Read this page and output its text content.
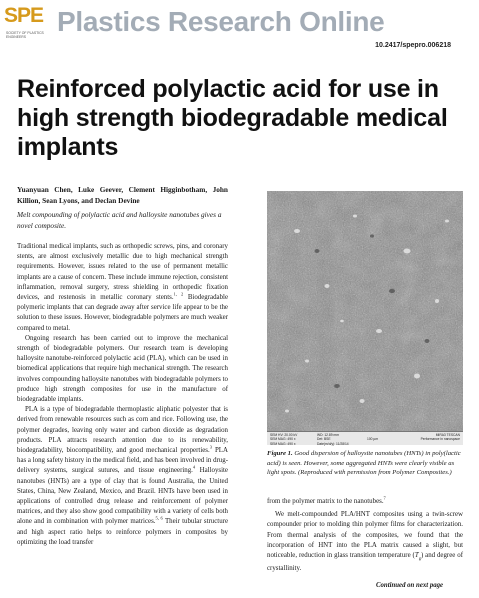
SPE
SOCIETY OF PLASTICS ENGINEERS	Plastics Research Online
10.2417/spepro.006218
Reinforced polylactic acid for use in high strength biodegradable medical implants
Yuanyuan Chen, Luke Geever, Clement Higginbotham, John Killion, Sean Lyons, and Declan Devine
Melt compounding of polylactic acid and halloysite nanotubes gives a novel composite.

Traditional medical implants, such as orthopedic screws, pins, and coronary stents, are almost exclusively metallic due to high mechanical strength requirements. However, issues related to the use of permanent metallic implants are a cause of concern. These include immune rejection, consistent inflammation, removal surgery, stress shielding in orthopedic fixation devices, and restenosis in metallic coronary stents.$^{1, 2}$ Biodegradable polymeric implants that can degrade away after service life appear to be the solution to these issues. However, biodegradable polymers are much weaker compared to metal.

Ongoing research has been carried out to improve the mechanical strength of biodegradable polymers. Our research team is developing halloysite nanotube-reinforced polylactic acid (PLA), which can be used in biomedical applications that require high mechanical strength. The research involves compounding halloysite nanotubes with biodegradable polymers to produce high strength composites for use in the manufacture of biodegradable implants.

PLA is a type of biodegradable thermoplastic aliphatic polyester that is derived from renewable resources such as corn and rice. Following use, the polymer degrades, leaving only water and carbon dioxide as degradation products. PLA attracts research attention due to its renewability, biodegradability, biocompatibility, and good mechanical properties.$^3$ PLA has a long safety history in the medical field, and has been involved in drug-delivery systems, surgical sutures, and tissue engineering.$^4$ Halloysite nanotubes (HNTs) are a type of clay that is found Australia, the United States, China, New Zealand, Mexico, and Brazil. HNTs have been used in applications of controlled drug release and reinforcement of polymer matrices, and they also show good compatibility with a variety of cells both alone and in combination with polymer matrices.$^{5, 6}$ Their tubular structure and high aspect ratio helps to reinforce polymers in composites by optimizing the load transfer

SEM HV: 20.00 kV
SEM MAG: 490 x
SEM MAG: 490 x
WD: 12.89 mm
Det: BSE
Date(m/d/y): 11/28/14
100 µm
MIRA3 TESCAN
Performance in nanospace
Figure 1. Good dispersion of halloysite nanotubes (HNTs) in poly(lactic acid) is seen. However, some aggregated HNTs were clearly visible as light spots. (Reproduced with permission from Polymer Composites.)

from the polymer matrix to the nanotubes.$^7$

We melt-compounded PLA/HNT composites using a twin-screw compounder prior to molding thin polymer films for characterization. From thermal analysis of the composites, we found that the incorporation of HNT into the PLA matrix caused a slight, but noticeable, reduction in glass transition temperature $(T_g)$ and degree of crystallinity.

Continued on next page
